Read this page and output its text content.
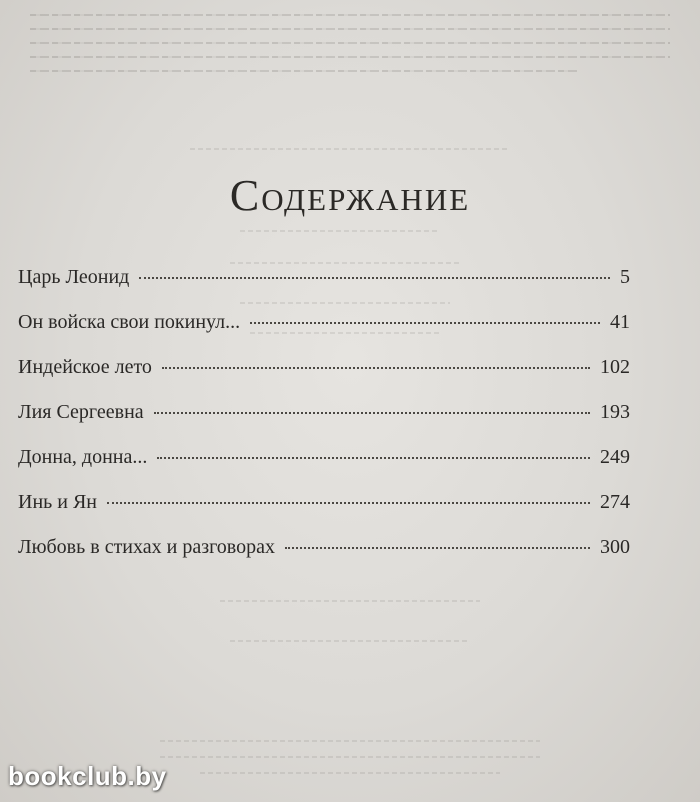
Содержание
Царь Леонид	5
Он войска свои покинул...	41
Индейское лето	102
Лия Сергеевна	193
Донна, донна...	249
Инь и Ян	274
Любовь в стихах и разговорах	300
bookclub.by
